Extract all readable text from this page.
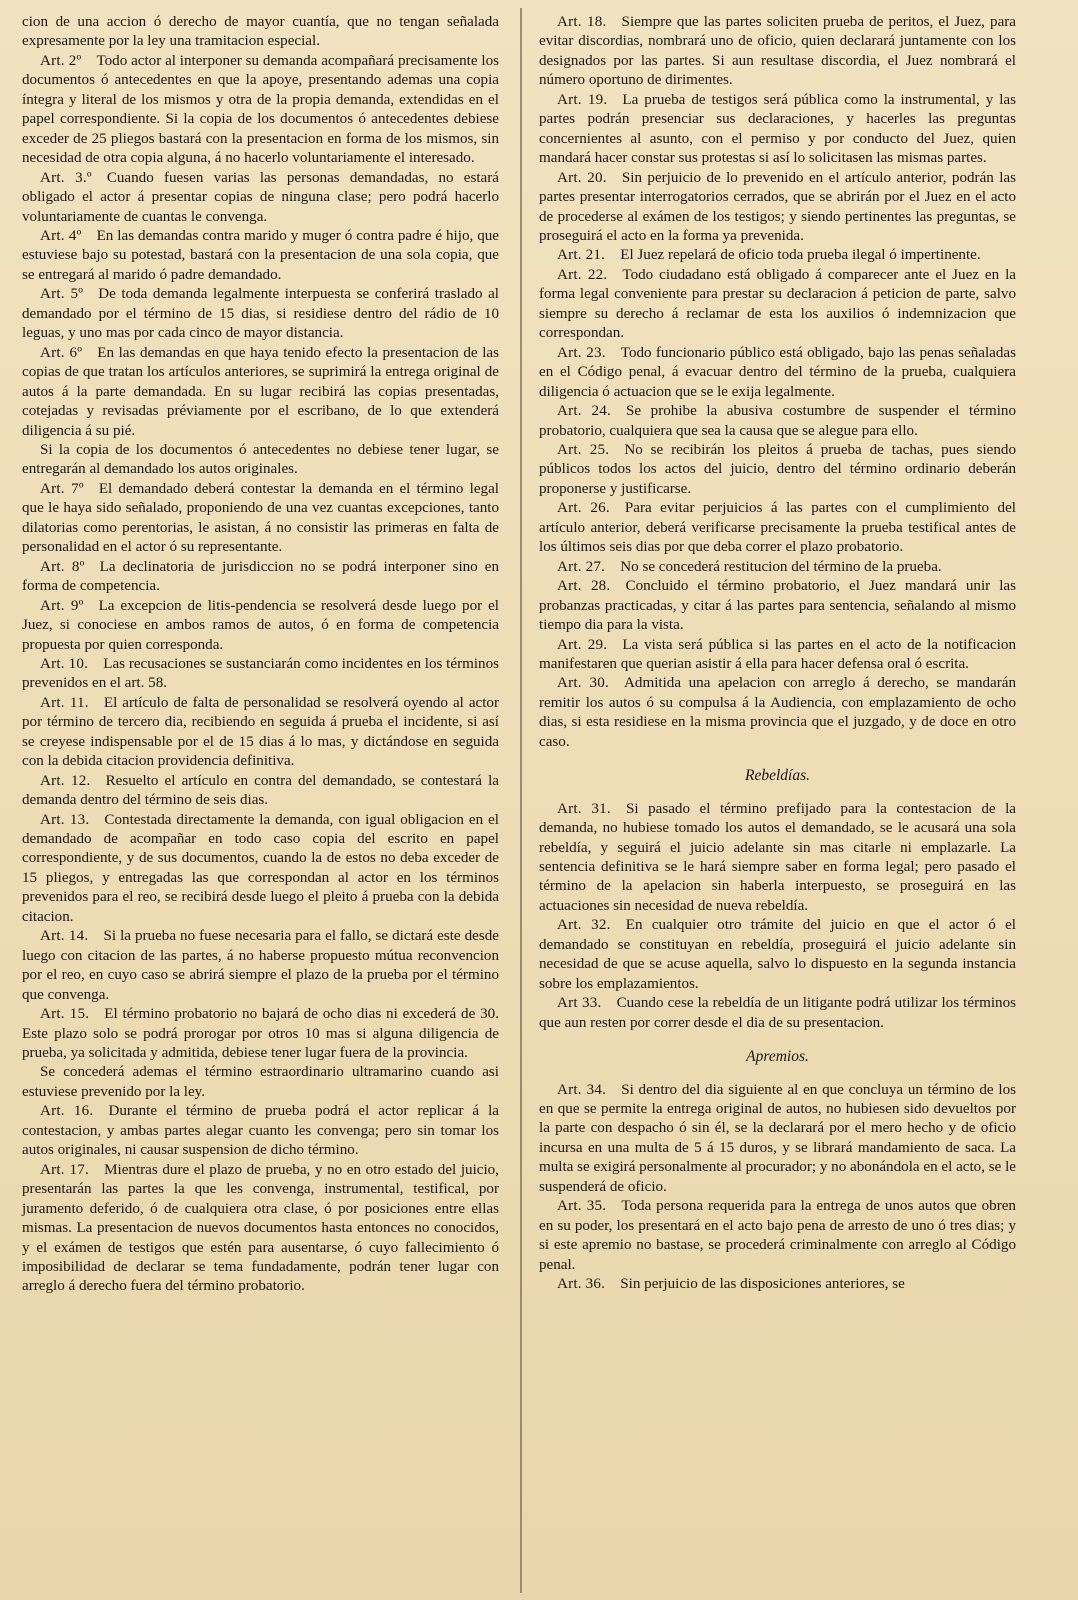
cion de una accion ó derecho de mayor cuantía, que no tengan señalada expresamente por la ley una tramitacion especial.

Art. 2º  Todo actor al interponer su demanda acompañará precisamente los documentos ó antecedentes en que la apoye, presentando ademas una copia íntegra y literal de los mismos y otra de la propia demanda, extendidas en el papel correspondiente. Si la copia de los documentos ó antecedentes debiese exceder de 25 pliegos bastará con la presentacion en forma de los mismos, sin necesidad de otra copia alguna, á no hacerlo voluntariamente el interesado.

Art. 3.º  Cuando fuesen varias las personas demandadas, no estará obligado el actor á presentar copias de ninguna clase; pero podrá hacerlo voluntariamente de cuantas le convenga.

Art. 4º  En las demandas contra marido y muger ó contra padre é hijo, que estuviese bajo su potestad, bastará con la presentacion de una sola copia, que se entregará al marido ó padre demandado.

Art. 5º  De toda demanda legalmente interpuesta se conferirá traslado al demandado por el término de 15 dias, si residiese dentro del rádio de 10 leguas, y uno mas por cada cinco de mayor distancia.

Art. 6º  En las demandas en que haya tenido efecto la presentacion de las copias de que tratan los artículos anteriores, se suprimirá la entrega original de autos á la parte demandada. En su lugar recibirá las copias presentadas, cotejadas y revisadas préviamente por el escribano, de lo que extenderá diligencia á su pié.

Si la copia de los documentos ó antecedentes no debiese tener lugar, se entregarán al demandado los autos originales.

Art. 7º  El demandado deberá contestar la demanda en el término legal que le haya sido señalado, proponiendo de una vez cuantas excepciones, tanto dilatorias como perentorias, le asistan, á no consistir las primeras en falta de personalidad en el actor ó su representante.

Art. 8º  La declinatoria de jurisdiccion no se podrá interponer sino en forma de competencia.

Art. 9º  La excepcion de litis-pendencia se resolverá desde luego por el Juez, si conociese en ambos ramos de autos, ó en forma de competencia propuesta por quien corresponda.

Art. 10.  Las recusaciones se sustanciarán como incidentes en los términos prevenidos en el art. 58.

Art. 11.  El artículo de falta de personalidad se resolverá oyendo al actor por término de tercero dia, recibiendo en seguida á prueba el incidente, si así se creyese indispensable por el de 15 dias á lo mas, y dictándose en seguida con la debida citacion providencia definitiva.

Art. 12.  Resuelto el artículo en contra del demandado, se contestará la demanda dentro del término de seis dias.

Art. 13.  Contestada directamente la demanda, con igual obligacion en el demandado de acompañar en todo caso copia del escrito en papel correspondiente, y de sus documentos, cuando la de estos no deba exceder de 15 pliegos, y entregadas las que correspondan al actor en los términos prevenidos para el reo, se recibirá desde luego el pleito á prueba con la debida citacion.

Art. 14.  Si la prueba no fuese necesaria para el fallo, se dictará este desde luego con citacion de las partes, á no haberse propuesto mútua reconvencion por el reo, en cuyo caso se abrirá siempre el plazo de la prueba por el término que convenga.

Art. 15.  El término probatorio no bajará de ocho dias ni excederá de 30. Este plazo solo se podrá prorogar por otros 10 mas si alguna diligencia de prueba, ya solicitada y admitida, debiese tener lugar fuera de la provincia.

Se concederá ademas el término estraordinario ultramarino cuando asi estuviese prevenido por la ley.

Art. 16.  Durante el término de prueba podrá el actor replicar á la contestacion, y ambas partes alegar cuanto les convenga; pero sin tomar los autos originales, ni causar suspension de dicho término.

Art. 17.  Mientras dure el plazo de prueba, y no en otro estado del juicio, presentarán las partes la que les convenga, instrumental, testifical, por juramento deferido, ó de cualquiera otra clase, ó por posiciones entre ellas mismas. La presentacion de nuevos documentos hasta entonces no conocidos, y el exámen de testigos que estén para ausentarse, ó cuyo fallecimiento ó imposibilidad de declarar se tema fundadamente, podrán tener lugar con arreglo á derecho fuera del término probatorio.

Art. 18.  Siempre que las partes soliciten prueba de peritos, el Juez, para evitar discordias, nombrará uno de oficio, quien declarará juntamente con los designados por las partes. Si aun resultase discordia, el Juez nombrará el número oportuno de dirimentes.

Art. 19.  La prueba de testigos será pública como la instrumental, y las partes podrán presenciar sus declaraciones, y hacerles las preguntas concernientes al asunto, con el permiso y por conducto del Juez, quien mandará hacer constar sus protestas si así lo solicitasen las mismas partes.

Art. 20.  Sin perjuicio de lo prevenido en el artículo anterior, podrán las partes presentar interrogatorios cerrados, que se abrirán por el Juez en el acto de procederse al exámen de los testigos; y siendo pertinentes las preguntas, se proseguirá el acto en la forma ya prevenida.

Art. 21.  El Juez repelará de oficio toda prueba ilegal ó impertinente.

Art. 22.  Todo ciudadano está obligado á comparecer ante el Juez en la forma legal conveniente para prestar su declaracion á peticion de parte, salvo siempre su derecho á reclamar de esta los auxilios ó indemnizacion que correspondan.

Art. 23.  Todo funcionario público está obligado, bajo las penas señaladas en el Código penal, á evacuar dentro del término de la prueba, cualquiera diligencia ó actuacion que se le exija legalmente.

Art. 24.  Se prohibe la abusiva costumbre de suspender el término probatorio, cualquiera que sea la causa que se alegue para ello.

Art. 25.  No se recibirán los pleitos á prueba de tachas, pues siendo públicos todos los actos del juicio, dentro del término ordinario deberán proponerse y justificarse.

Art. 26.  Para evitar perjuicios á las partes con el cumplimiento del artículo anterior, deberá verificarse precisamente la prueba testifical antes de los últimos seis dias por que deba correr el plazo probatorio.

Art. 27.  No se concederá restitucion del término de la prueba.

Art. 28.  Concluido el término probatorio, el Juez mandará unir las probanzas practicadas, y citar á las partes para sentencia, señalando al mismo tiempo dia para la vista.

Art. 29.  La vista será pública si las partes en el acto de la notificacion manifestaren que querian asistir á ella para hacer defensa oral ó escrita.

Art. 30.  Admitida una apelacion con arreglo á derecho, se mandarán remitir los autos ó su compulsa á la Audiencia, con emplazamiento de ocho dias, si esta residiese en la misma provincia que el juzgado, y de doce en otro caso.

Rebeldías.

Art. 31.  Si pasado el término prefijado para la contestacion de la demanda, no hubiese tomado los autos el demandado, se le acusará una sola rebeldía, y seguirá el juicio adelante sin mas citarle ni emplazarle. La sentencia definitiva se le hará siempre saber en forma legal; pero pasado el término de la apelacion sin haberla interpuesto, se proseguirá en las actuaciones sin necesidad de nueva rebeldía.

Art. 32.  En cualquier otro trámite del juicio en que el actor ó el demandado se constituyan en rebeldía, proseguirá el juicio adelante sin necesidad de que se acuse aquella, salvo lo dispuesto en la segunda instancia sobre los emplazamientos.

Art 33.  Cuando cese la rebeldía de un litigante podrá utilizar los términos que aun resten por correr desde el dia de su presentacion.

Apremios.

Art. 34.  Si dentro del dia siguiente al en que concluya un término de los en que se permite la entrega original de autos, no hubiesen sido devueltos por la parte con despacho ó sin él, se la declarará por el mero hecho y de oficio incursa en una multa de 5 á 15 duros, y se librará mandamiento de saca. La multa se exigirá personalmente al procurador; y no abonándola en el acto, se le suspenderá de oficio.

Art. 35.  Toda persona requerida para la entrega de unos autos que obren en su poder, los presentará en el acto bajo pena de arresto de uno ó tres dias; y si este apremio no bastase, se procederá criminalmente con arreglo al Código penal.

Art. 36.  Sin perjuicio de las disposiciones anteriores, se
